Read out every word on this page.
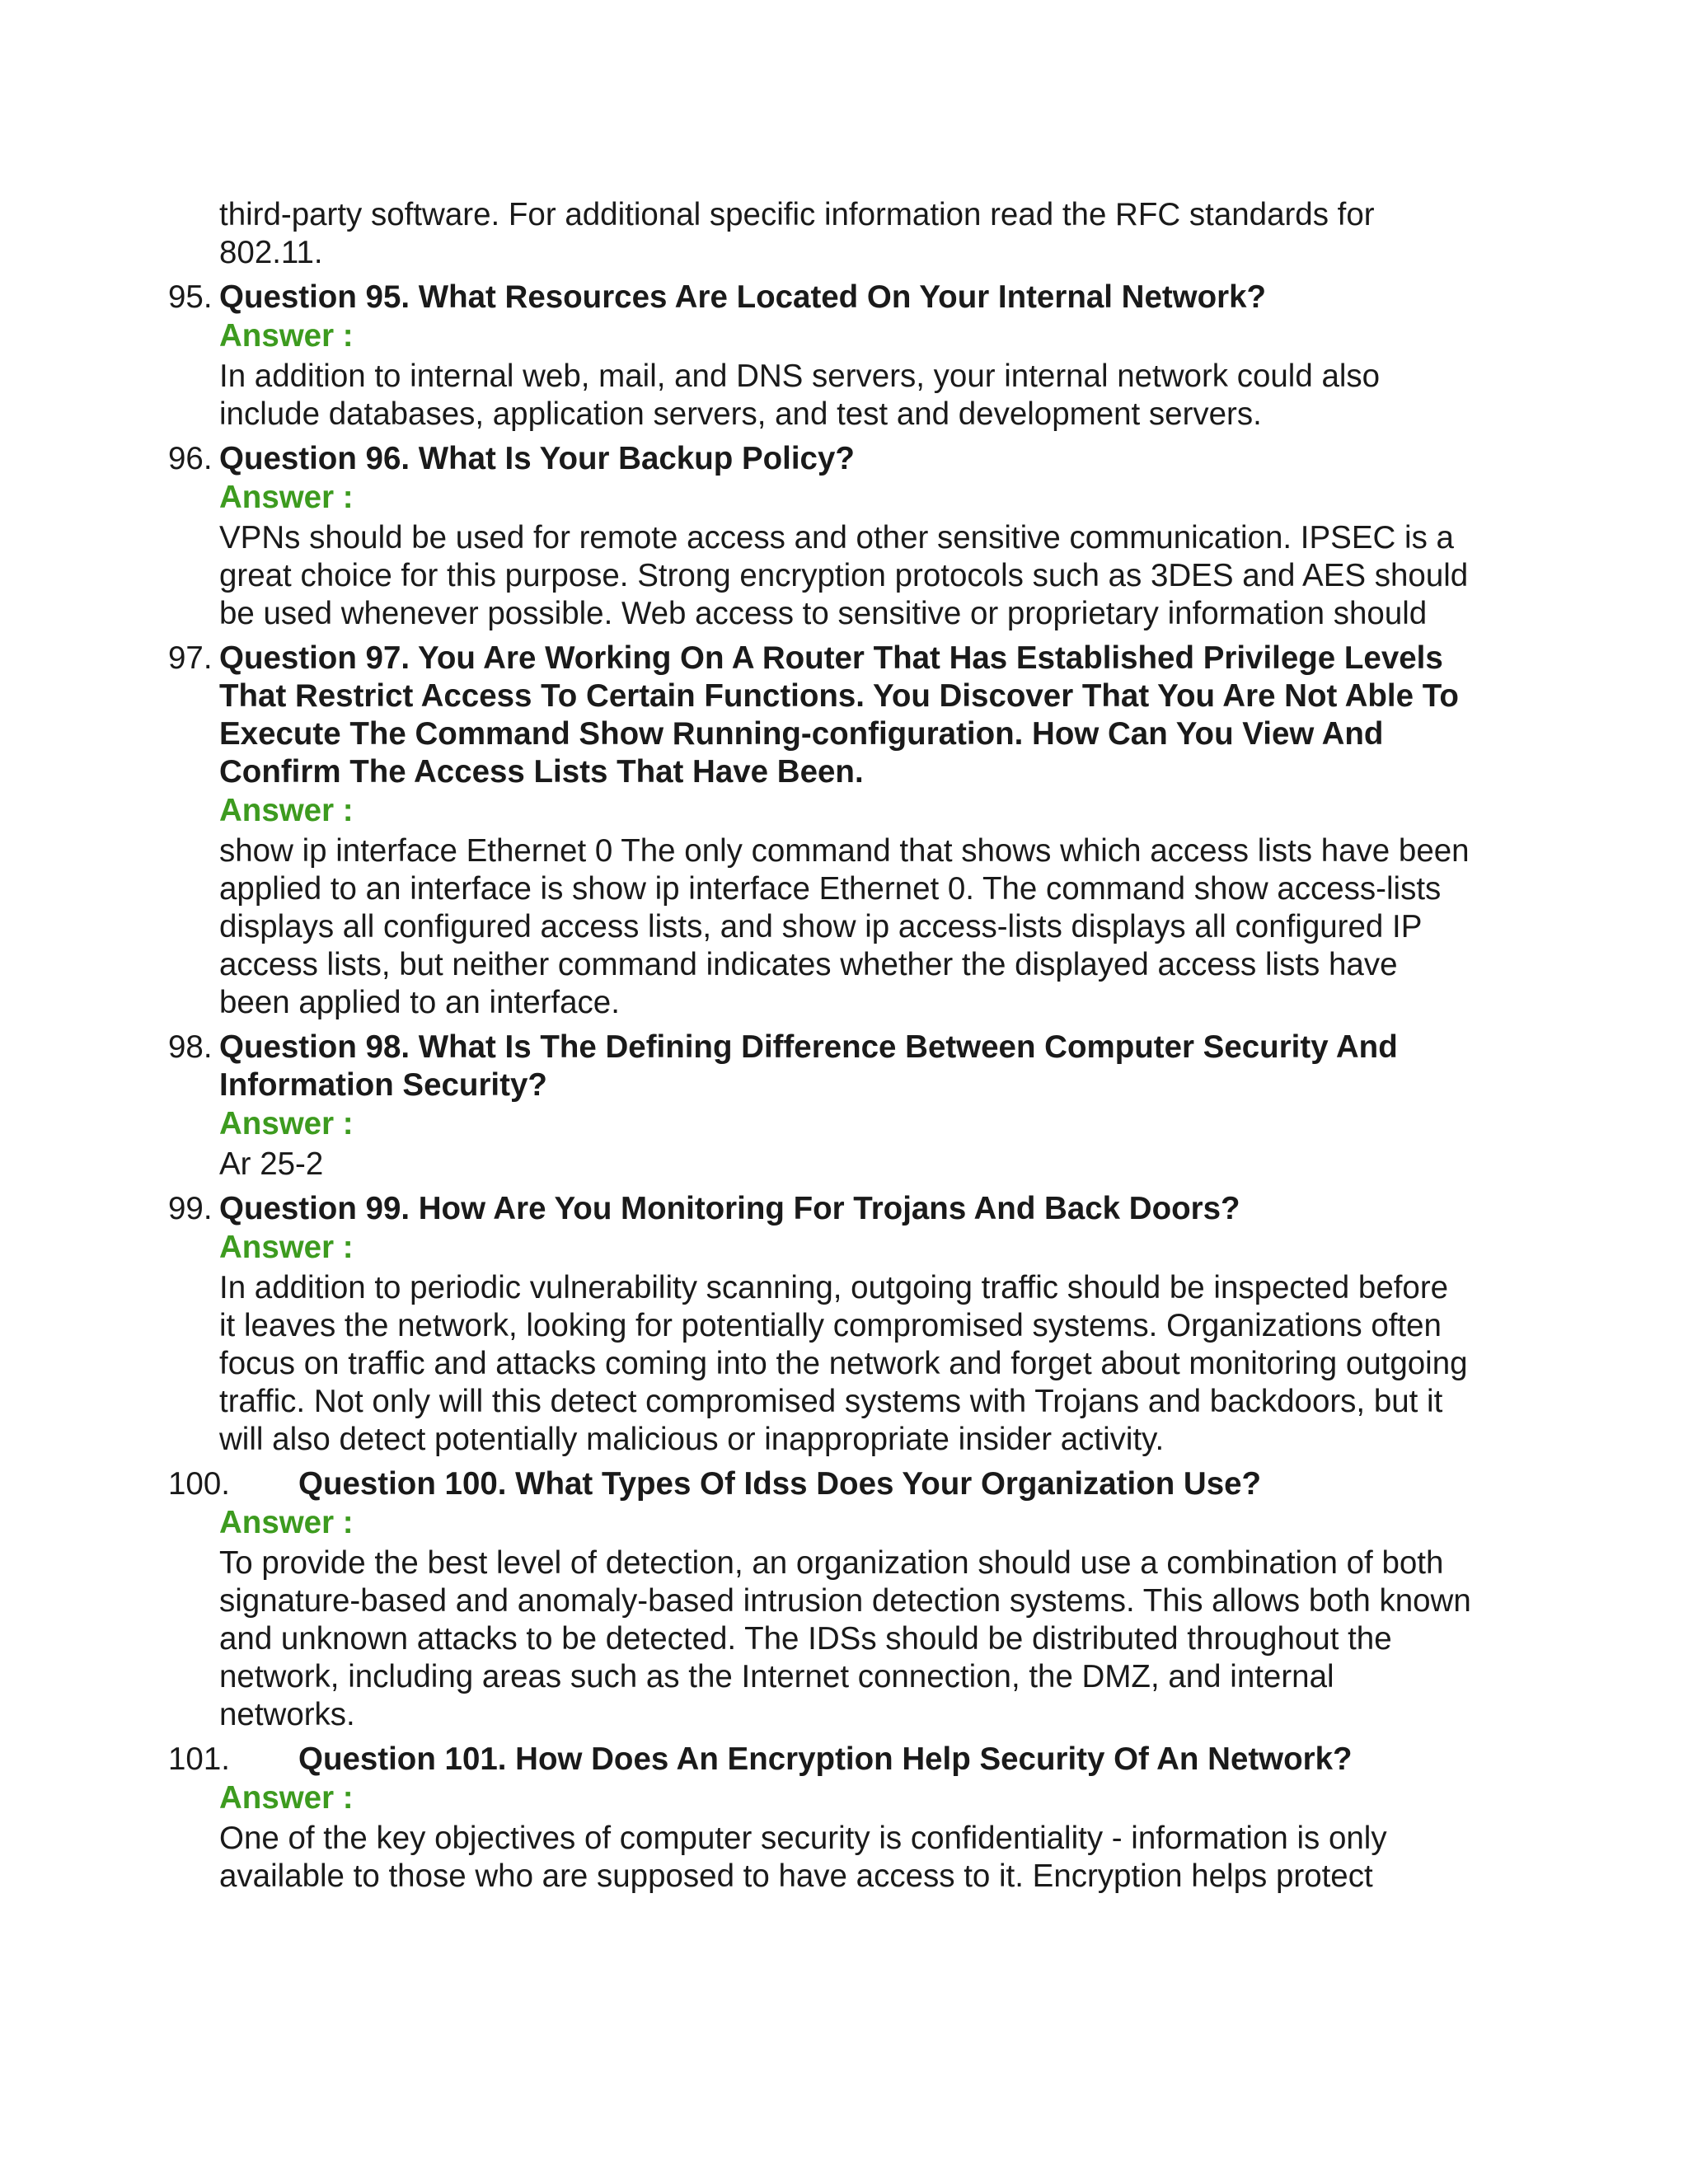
third-party software. For additional specific information read the RFC standards for 802.11.
95. Question 95. What Resources Are Located On Your Internal Network?
Answer :
In addition to internal web, mail, and DNS servers, your internal network could also include databases, application servers, and test and development servers.
96. Question 96. What Is Your Backup Policy?
Answer :
VPNs should be used for remote access and other sensitive communication. IPSEC is a great choice for this purpose. Strong encryption protocols such as 3DES and AES should be used whenever possible. Web access to sensitive or proprietary information should
97. Question 97. You Are Working On A Router That Has Established Privilege Levels That Restrict Access To Certain Functions. You Discover That You Are Not Able To Execute The Command Show Running-configuration. How Can You View And Confirm The Access Lists That Have Been.
Answer :
show ip interface Ethernet 0 The only command that shows which access lists have been applied to an interface is show ip interface Ethernet 0. The command show access-lists displays all configured access lists, and show ip access-lists displays all configured IP access lists, but neither command indicates whether the displayed access lists have been applied to an interface.
98. Question 98. What Is The Defining Difference Between Computer Security And Information Security?
Answer :
Ar 25-2
99. Question 99. How Are You Monitoring For Trojans And Back Doors?
Answer :
In addition to periodic vulnerability scanning, outgoing traffic should be inspected before it leaves the network, looking for potentially compromised systems. Organizations often focus on traffic and attacks coming into the network and forget about monitoring outgoing traffic. Not only will this detect compromised systems with Trojans and backdoors, but it will also detect potentially malicious or inappropriate insider activity.
100.	Question 100. What Types Of Idss Does Your Organization Use?
Answer :
To provide the best level of detection, an organization should use a combination of both signature-based and anomaly-based intrusion detection systems. This allows both known and unknown attacks to be detected. The IDSs should be distributed throughout the network, including areas such as the Internet connection, the DMZ, and internal networks.
101.	Question 101. How Does An Encryption Help Security Of An Network?
Answer :
One of the key objectives of computer security is confidentiality - information is only available to those who are supposed to have access to it. Encryption helps protect
